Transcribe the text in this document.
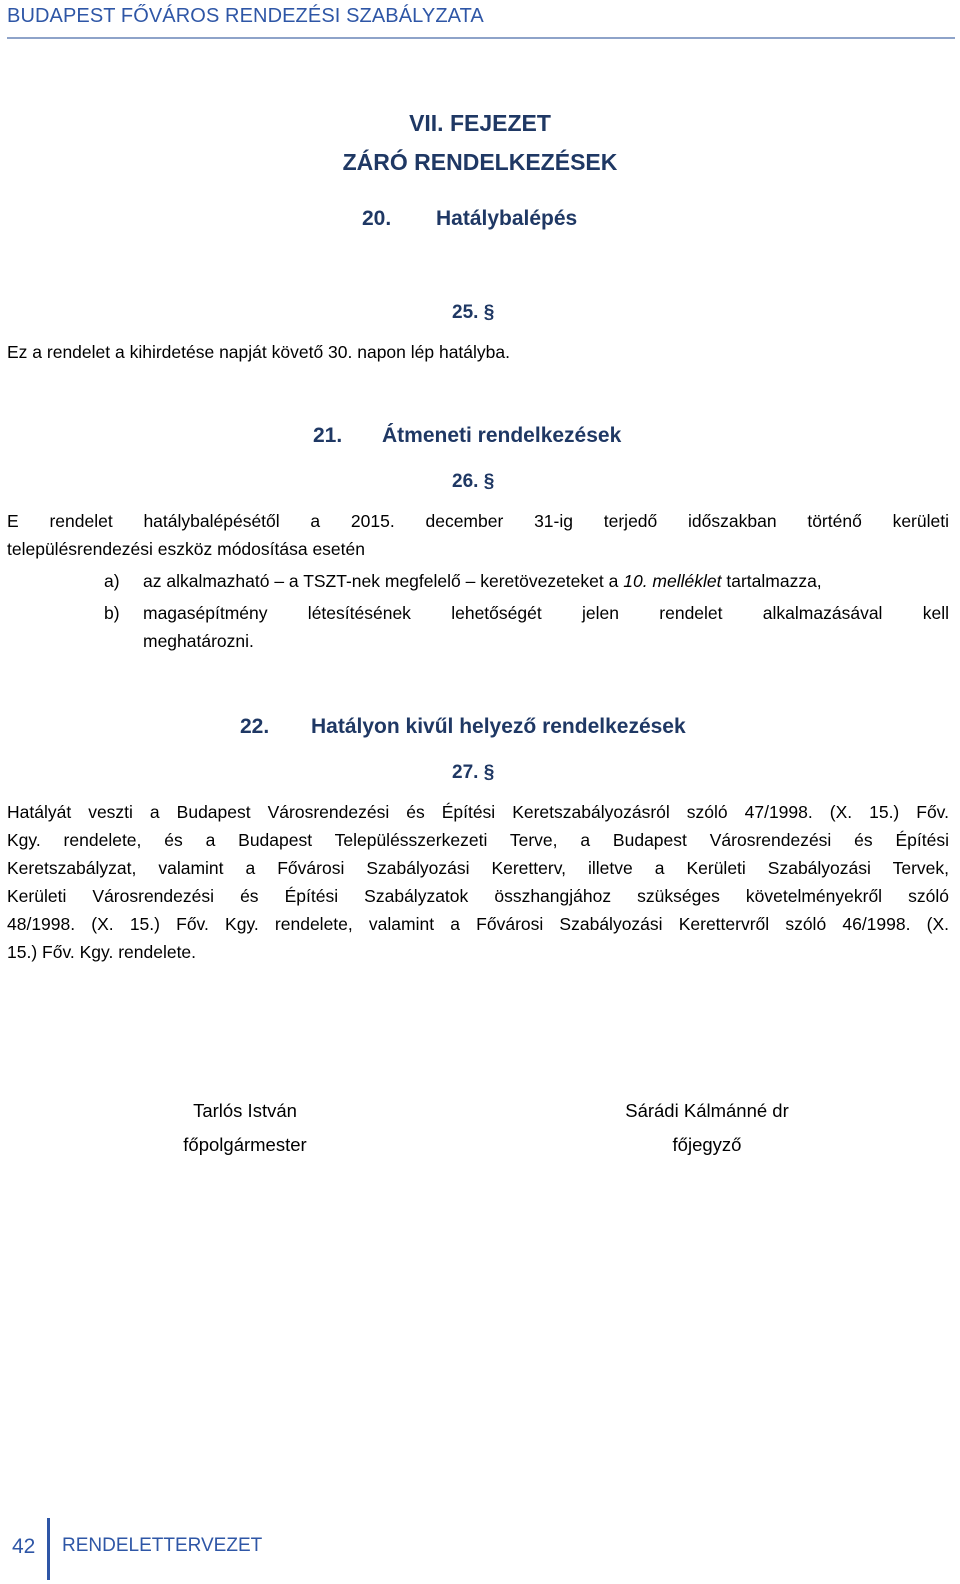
BUDAPEST FŐVÁROS RENDEZÉSI SZABÁLYZATA
VII. FEJEZET
ZÁRÓ RENDELKEZÉSEK
20. Hatálybalépés
25. §
Ez a rendelet a kihirdetése napját követő 30. napon lép hatályba.
21. Átmeneti rendelkezések
26. §
E rendelet hatálybalépésétől a 2015. december 31-ig terjedő időszakban történő kerületi
településrendezési eszköz módosítása esetén
a) az alkalmazható – a TSZT-nek megfelelő – keretövezeteket a 10. melléklet tartalmazza,
b) magasépítmény létesítésének lehetőségét jelen rendelet alkalmazásával kell
meghatározni.
22. Hatályon kivűl helyező rendelkezések
27. §
Hatályát veszti a Budapest Városrendezési és Építési Keretszabályozásról szóló 47/1998. (X. 15.) Főv.
Kgy. rendelete, és a Budapest Településszerkezeti Terve, a Budapest Városrendezési és Építési
Keretszabályzat, valamint a Fővárosi Szabályozási Keretterv, illetve a Kerületi Szabályozási Tervek,
Kerületi Városrendezési és Építési Szabályzatok összhangjához szükséges követelményekről szóló
48/1998. (X. 15.) Főv. Kgy. rendelete, valamint a Fővárosi Szabályozási Kerettervről szóló 46/1998. (X.
15.) Főv. Kgy. rendelete.
Tarlós István
főpolgármester
Sárádi Kálmánné dr
főjegyző
42 RENDELETTERVEZET
